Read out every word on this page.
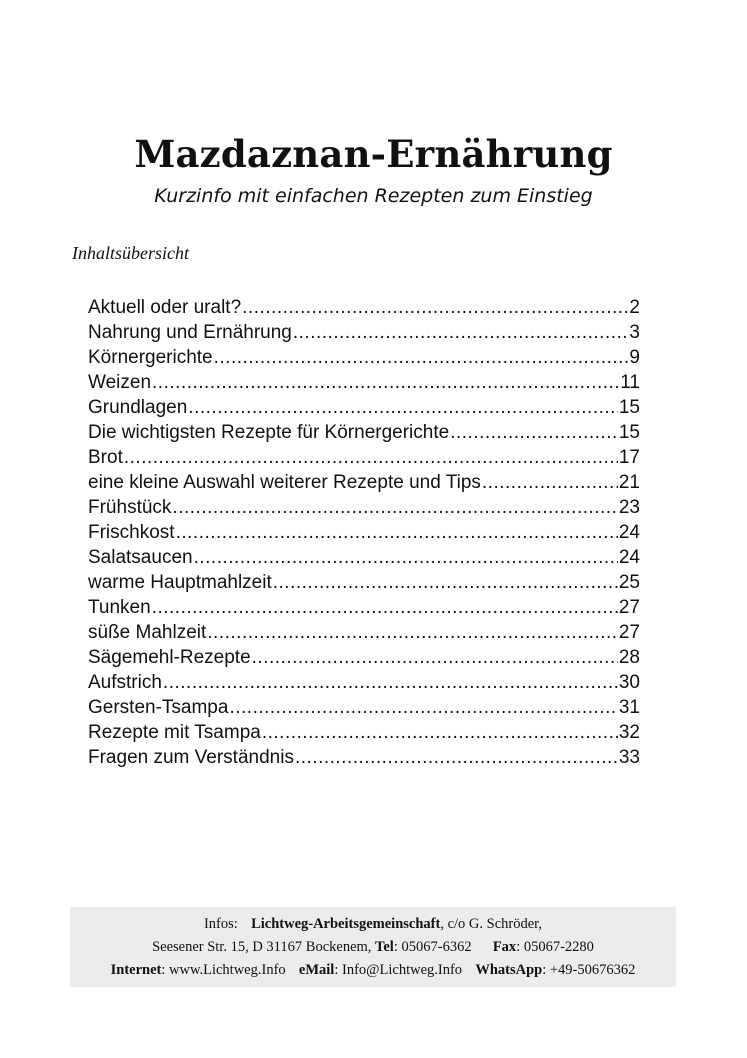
Mazdaznan-Ernährung
Kurzinfo mit einfachen Rezepten zum Einstieg
Inhaltsübersicht
Aktuell oder uralt? .....	2
Nahrung und Ernährung .....	3
Körnergerichte .....	9
Weizen .....	11
Grundlagen .....	15
Die wichtigsten Rezepte für Körnergerichte .....	15
Brot .....	17
eine kleine Auswahl weiterer Rezepte und Tips .....	21
Frühstück .....	23
Frischkost .....	24
Salatsaucen .....	24
warme Hauptmahlzeit .....	25
Tunken .....	27
süße Mahlzeit .....	27
Sägemehl-Rezepte .....	28
Aufstrich .....	30
Gersten-Tsampa .....	31
Rezepte mit Tsampa .....	32
Fragen zum Verständnis .....	33
Infos: Lichtweg-Arbeitsgemeinschaft, c/o G. Schröder,
Seesener Str. 15, D 31167 Bockenem, Tel: 05067-6362 Fax: 05067-2280
Internet: www.Lichtweg.Info eMail: Info@Lichtweg.Info WhatsApp: +49-50676362
